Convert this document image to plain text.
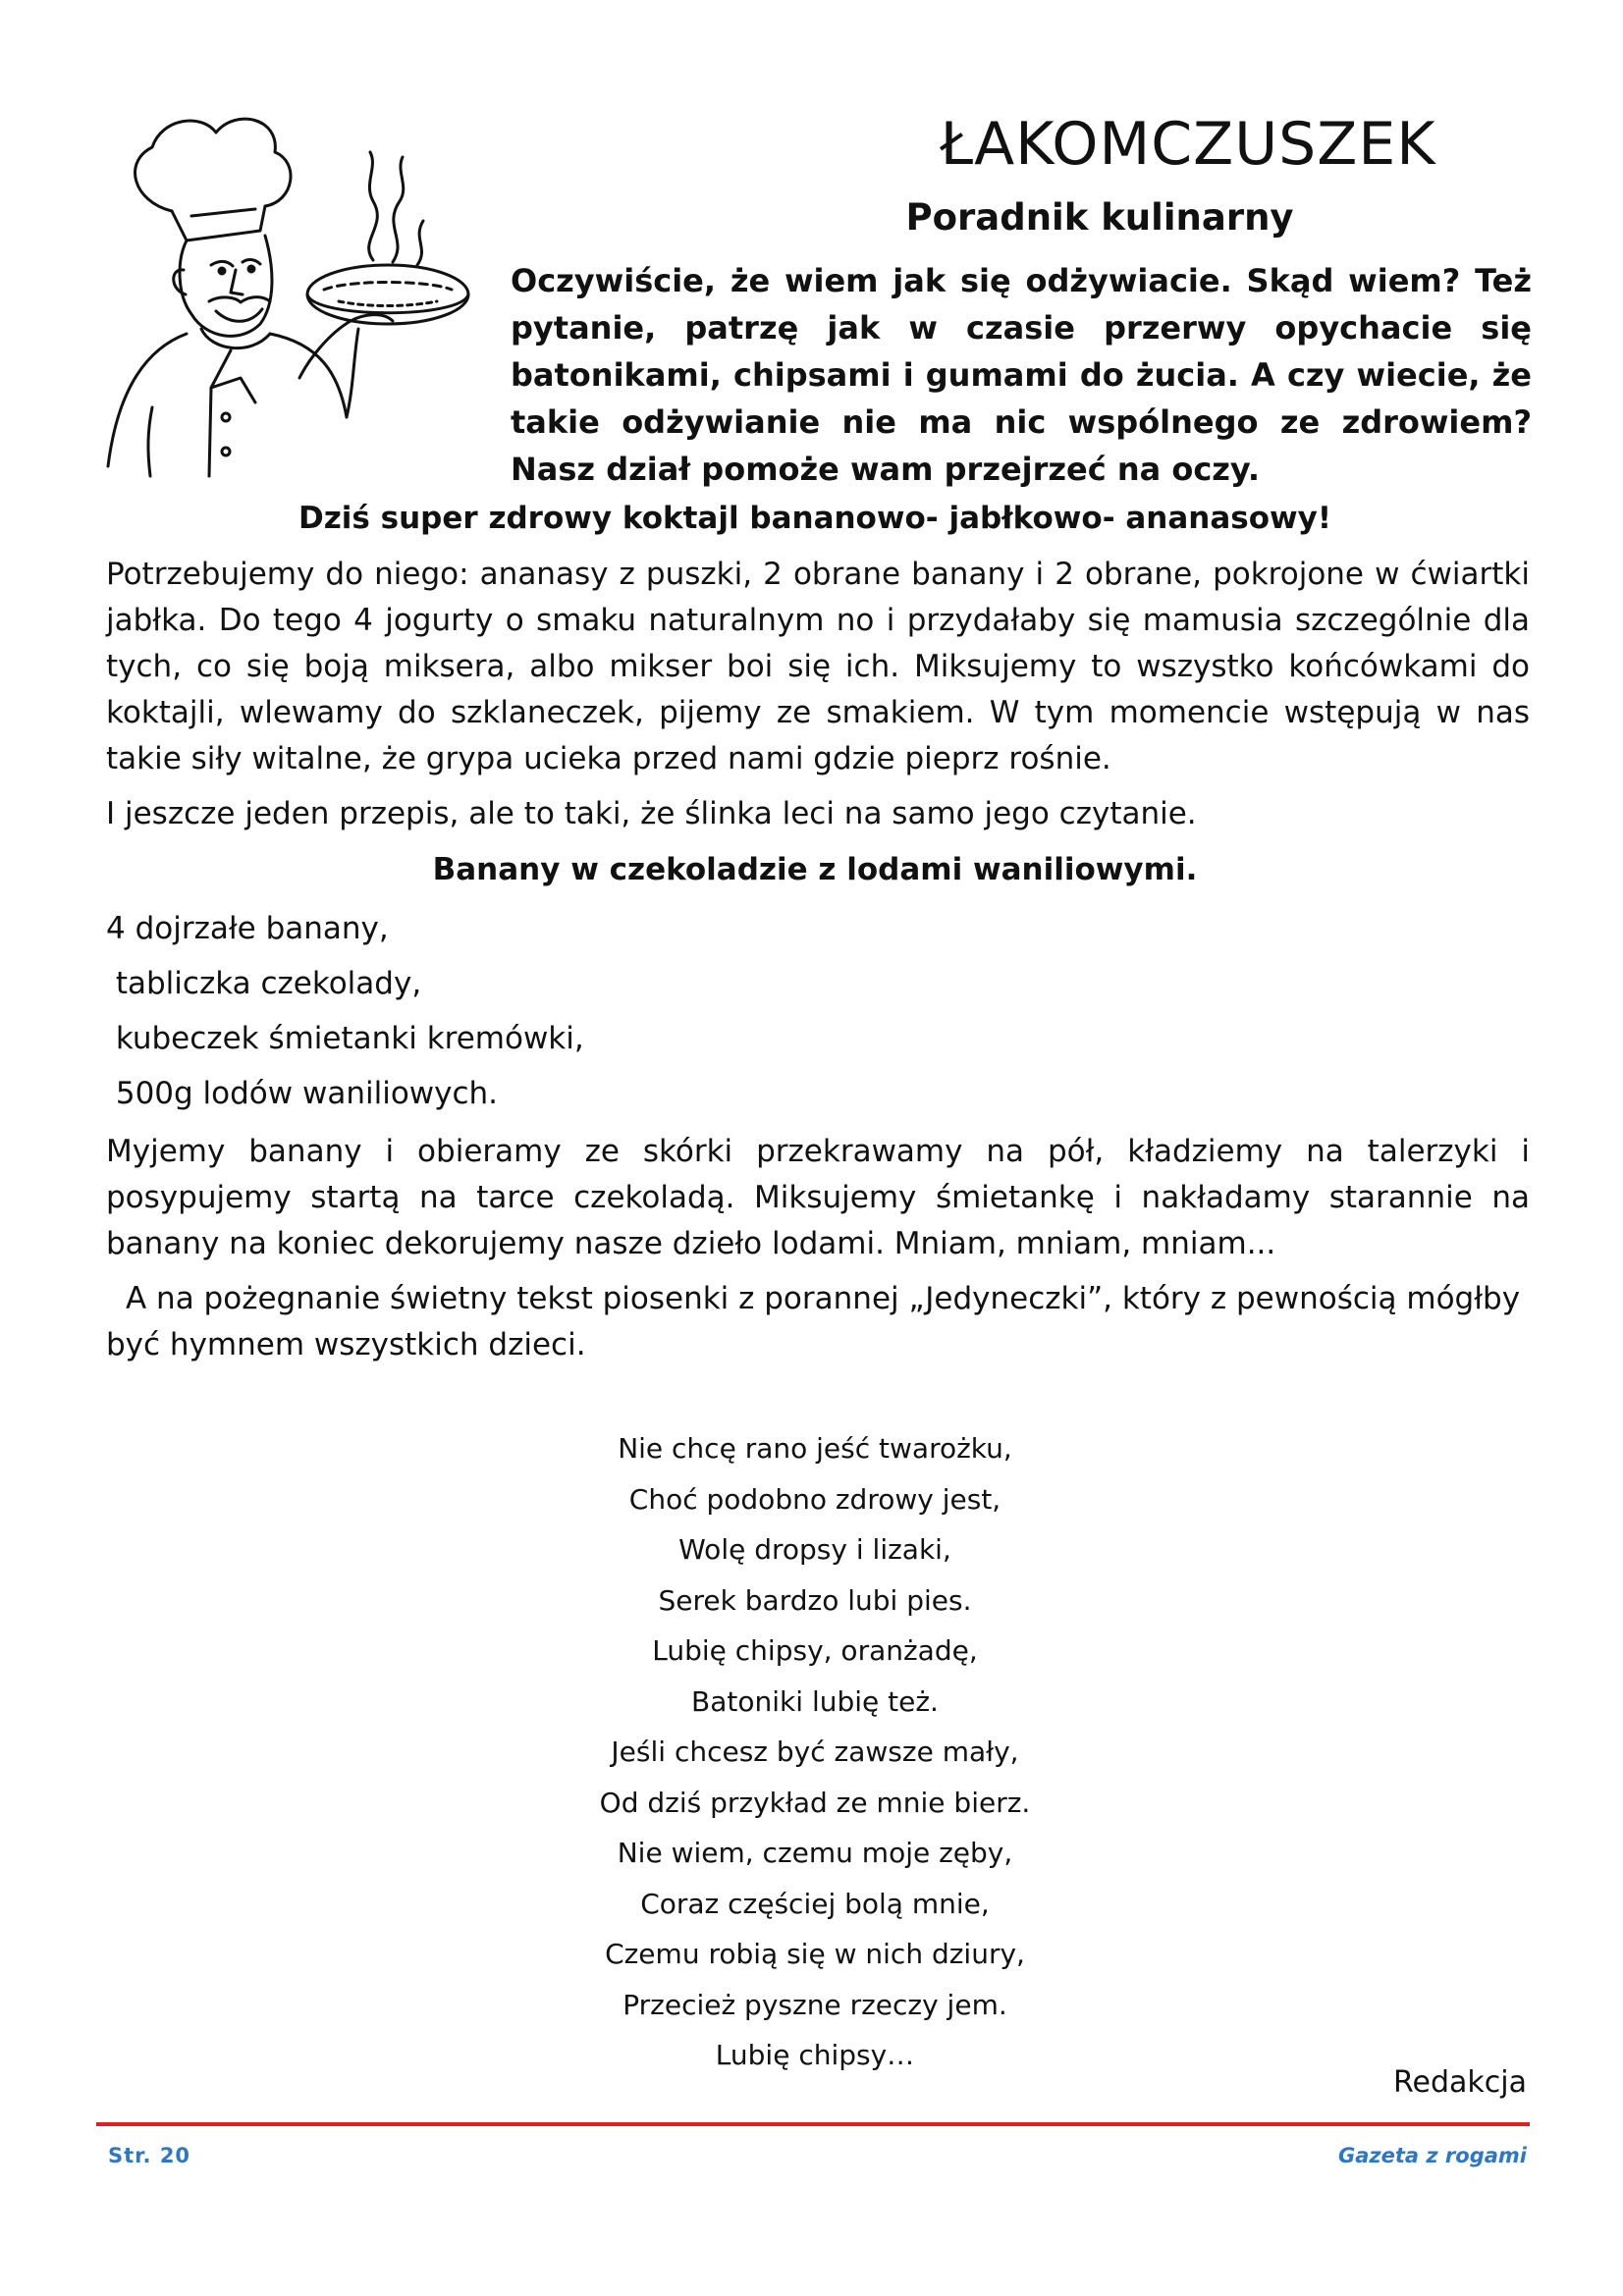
ŁAKOMCZUSZEK
Poradnik kulinarny
Oczywiście, że wiem jak się odżywiacie. Skąd wiem? Też pytanie, patrzę jak w czasie przerwy opychacie się batonikami, chipsami i gumami do żucia. A czy wiecie, że takie odżywianie nie ma nic wspólnego ze zdrowiem? Nasz dział pomoże wam przejrzeć na oczy.
Dziś super zdrowy koktajl bananowo- jabłkowo- ananasowy!
Potrzebujemy do niego: ananasy z puszki, 2 obrane banany i 2 obrane, pokrojone w ćwiartki jabłka. Do tego 4 jogurty o smaku naturalnym no i przydałaby się mamusia szczególnie dla tych, co się boją miksera, albo mikser boi się ich. Miksujemy to wszystko końcówkami do koktajli, wlewamy do szklaneczek, pijemy ze smakiem. W tym momencie wstępują w nas takie siły witalne, że grypa ucieka przed nami gdzie pieprz rośnie.
I jeszcze jeden przepis, ale to taki, że ślinka leci na samo jego czytanie.
Banany w czekoladzie z lodami waniliowymi.
4 dojrzałe banany,
tabliczka czekolady,
kubeczek śmietanki kremówki,
500g lodów waniliowych.
Myjemy banany i obieramy ze skórki przekrawamy na pół, kładziemy na talerzyki i posypujemy startą na tarce czekoladą. Miksujemy śmietankę i nakładamy starannie na banany na koniec dekorujemy nasze dzieło lodami. Mniam, mniam, mniam...
A na pożegnanie świetny tekst piosenki z porannej „Jedyneczki”, który z pewnością mógłby być hymnem wszystkich dzieci.
Nie chcę rano jeść twarożku,
Choć podobno zdrowy jest,
Wolę dropsy i lizaki,
Serek bardzo lubi pies.
Lubię chipsy, oranżadę,
Batoniki lubię też.
Jeśli chcesz być zawsze mały,
Od dziś przykład ze mnie bierz.
Nie wiem, czemu moje zęby,
Coraz częściej bolą mnie,
Czemu robią się w nich dziury,
Przecież pyszne rzeczy jem.
Lubię chipsy…
Redakcja
Str. 20	Gazeta z rogami
